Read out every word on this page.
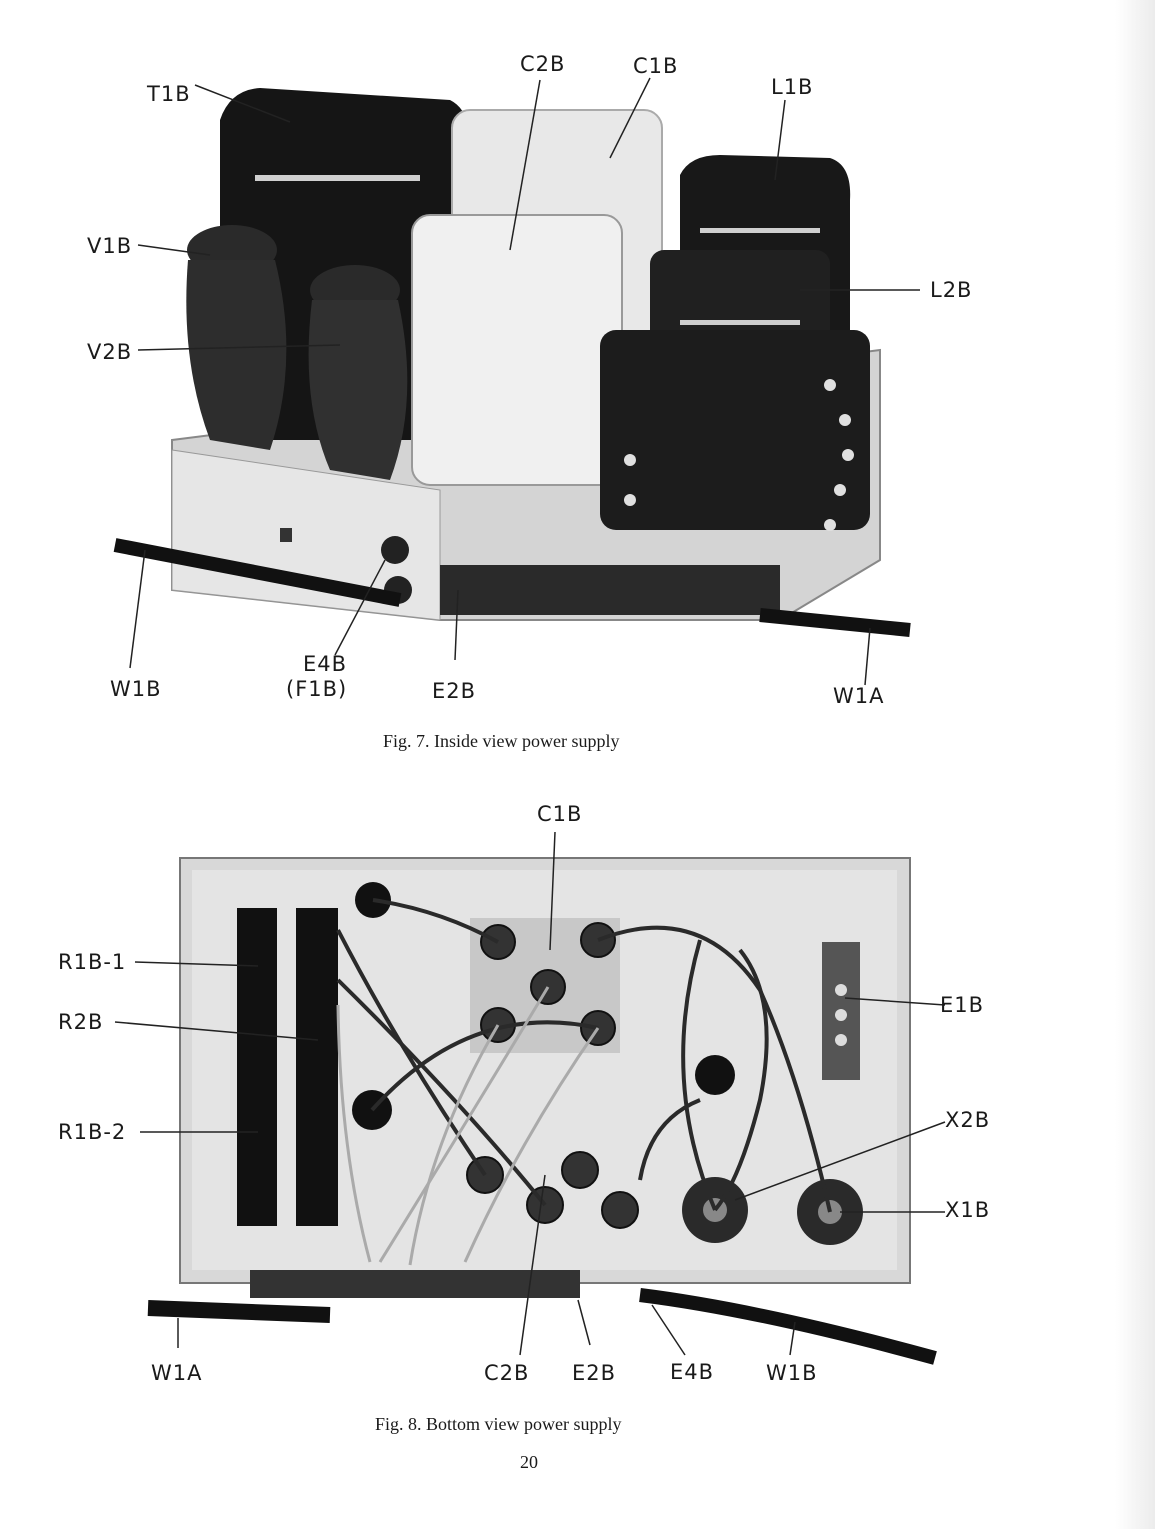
T1B
C2B	C1B
L1B
V1B
L2B
V2B
W1B
E4B
(F1B)	E2B	W1A
Fig. 7. Inside view power supply
C1B
R1B-1
E1B
R2B
X2B
R1B-2
X1B
W1A	C2B E2B	E4B W1B
Fig. 8. Bottom view power supply
20
